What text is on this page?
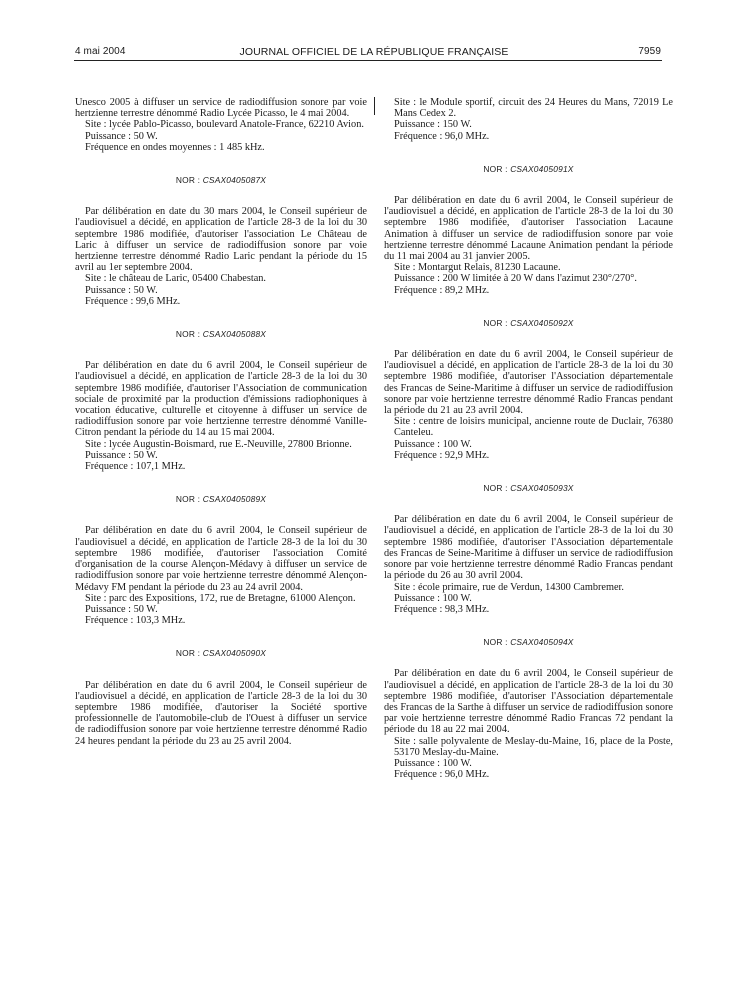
4 mai 2004	JOURNAL OFFICIEL DE LA RÉPUBLIQUE FRANÇAISE	7959

Unesco 2005 à diffuser un service de radiodiffusion sonore par voie hertzienne terrestre dénommé Radio Lycée Picasso, le 4 mai 2004.

Site : lycée Pablo-Picasso, boulevard Anatole-France, 62210 Avion.

Puissance : 50 W.

Fréquence en ondes moyennes : 1 485 kHz.

NOR : CSAX0405087X

Par délibération en date du 30 mars 2004, le Conseil supérieur de l'audiovisuel a décidé, en application de l'article 28-3 de la loi du 30 septembre 1986 modifiée, d'autoriser l'association Le Château de Laric à diffuser un service de radiodiffusion sonore par voie hertzienne terrestre dénommé Radio Laric pendant la période du 15 avril au 1er septembre 2004.

Site : le château de Laric, 05400 Chabestan.

Puissance : 50 W.

Fréquence : 99,6 MHz.

NOR : CSAX0405088X

Par délibération en date du 6 avril 2004, le Conseil supérieur de l'audiovisuel a décidé, en application de l'article 28-3 de la loi du 30 septembre 1986 modifiée, d'autoriser l'Association de communication sociale de proximité par la production d'émissions radiophoniques à vocation éducative, culturelle et citoyenne à diffuser un service de radiodiffusion sonore par voie hertzienne terrestre dénommé Vanille-Citron pendant la période du 14 au 15 mai 2004.

Site : lycée Augustin-Boismard, rue E.-Neuville, 27800 Brionne.

Puissance : 50 W.

Fréquence : 107,1 MHz.

NOR : CSAX0405089X

Par délibération en date du 6 avril 2004, le Conseil supérieur de l'audiovisuel a décidé, en application de l'article 28-3 de la loi du 30 septembre 1986 modifiée, d'autoriser l'association Comité d'organisation de la course Alençon-Médavy à diffuser un service de radiodiffusion sonore par voie hertzienne terrestre dénommé Alençon-Médavy FM pendant la période du 23 au 24 avril 2004.

Site : parc des Expositions, 172, rue de Bretagne, 61000 Alençon.

Puissance : 50 W.

Fréquence : 103,3 MHz.

NOR : CSAX0405090X

Par délibération en date du 6 avril 2004, le Conseil supérieur de l'audiovisuel a décidé, en application de l'article 28-3 de la loi du 30 septembre 1986 modifiée, d'autoriser la Société sportive professionnelle de l'automobile-club de l'Ouest à diffuser un service de radiodiffusion sonore par voie hertzienne terrestre dénommé Radio 24 heures pendant la période du 23 au 25 avril 2004.

Site : le Module sportif, circuit des 24 Heures du Mans, 72019 Le Mans Cedex 2.

Puissance : 150 W.

Fréquence : 96,0 MHz.

NOR : CSAX0405091X

Par délibération en date du 6 avril 2004, le Conseil supérieur de l'audiovisuel a décidé, en application de l'article 28-3 de la loi du 30 septembre 1986 modifiée, d'autoriser l'association Lacaune Animation à diffuser un service de radiodiffusion sonore par voie hertzienne terrestre dénommé Lacaune Animation pendant la période du 11 mai 2004 au 31 janvier 2005.

Site : Montargut Relais, 81230 Lacaune.

Puissance : 200 W limitée à 20 W dans l'azimut 230°/270°.

Fréquence : 89,2 MHz.

NOR : CSAX0405092X

Par délibération en date du 6 avril 2004, le Conseil supérieur de l'audiovisuel a décidé, en application de l'article 28-3 de la loi du 30 septembre 1986 modifiée, d'autoriser l'Association départementale des Francas de Seine-Maritime à diffuser un service de radiodiffusion sonore par voie hertzienne terrestre dénommé Radio Francas pendant la période du 21 au 23 avril 2004.

Site : centre de loisirs municipal, ancienne route de Duclair, 76380 Canteleu.

Puissance : 100 W.

Fréquence : 92,9 MHz.

NOR : CSAX0405093X

Par délibération en date du 6 avril 2004, le Conseil supérieur de l'audiovisuel a décidé, en application de l'article 28-3 de la loi du 30 septembre 1986 modifiée, d'autoriser l'Association départementale des Francas de Seine-Maritime à diffuser un service de radiodiffusion sonore par voie hertzienne terrestre dénommé Radio Francas pendant la période du 26 au 30 avril 2004.

Site : école primaire, rue de Verdun, 14300 Cambremer.

Puissance : 100 W.

Fréquence : 98,3 MHz.

NOR : CSAX0405094X

Par délibération en date du 6 avril 2004, le Conseil supérieur de l'audiovisuel a décidé, en application de l'article 28-3 de la loi du 30 septembre 1986 modifiée, d'autoriser l'Association départementale des Francas de la Sarthe à diffuser un service de radiodiffusion sonore par voie hertzienne terrestre dénommé Radio Francas 72 pendant la période du 18 au 22 mai 2004.

Site : salle polyvalente de Meslay-du-Maine, 16, place de la Poste, 53170 Meslay-du-Maine.

Puissance : 100 W.

Fréquence : 96,0 MHz.
